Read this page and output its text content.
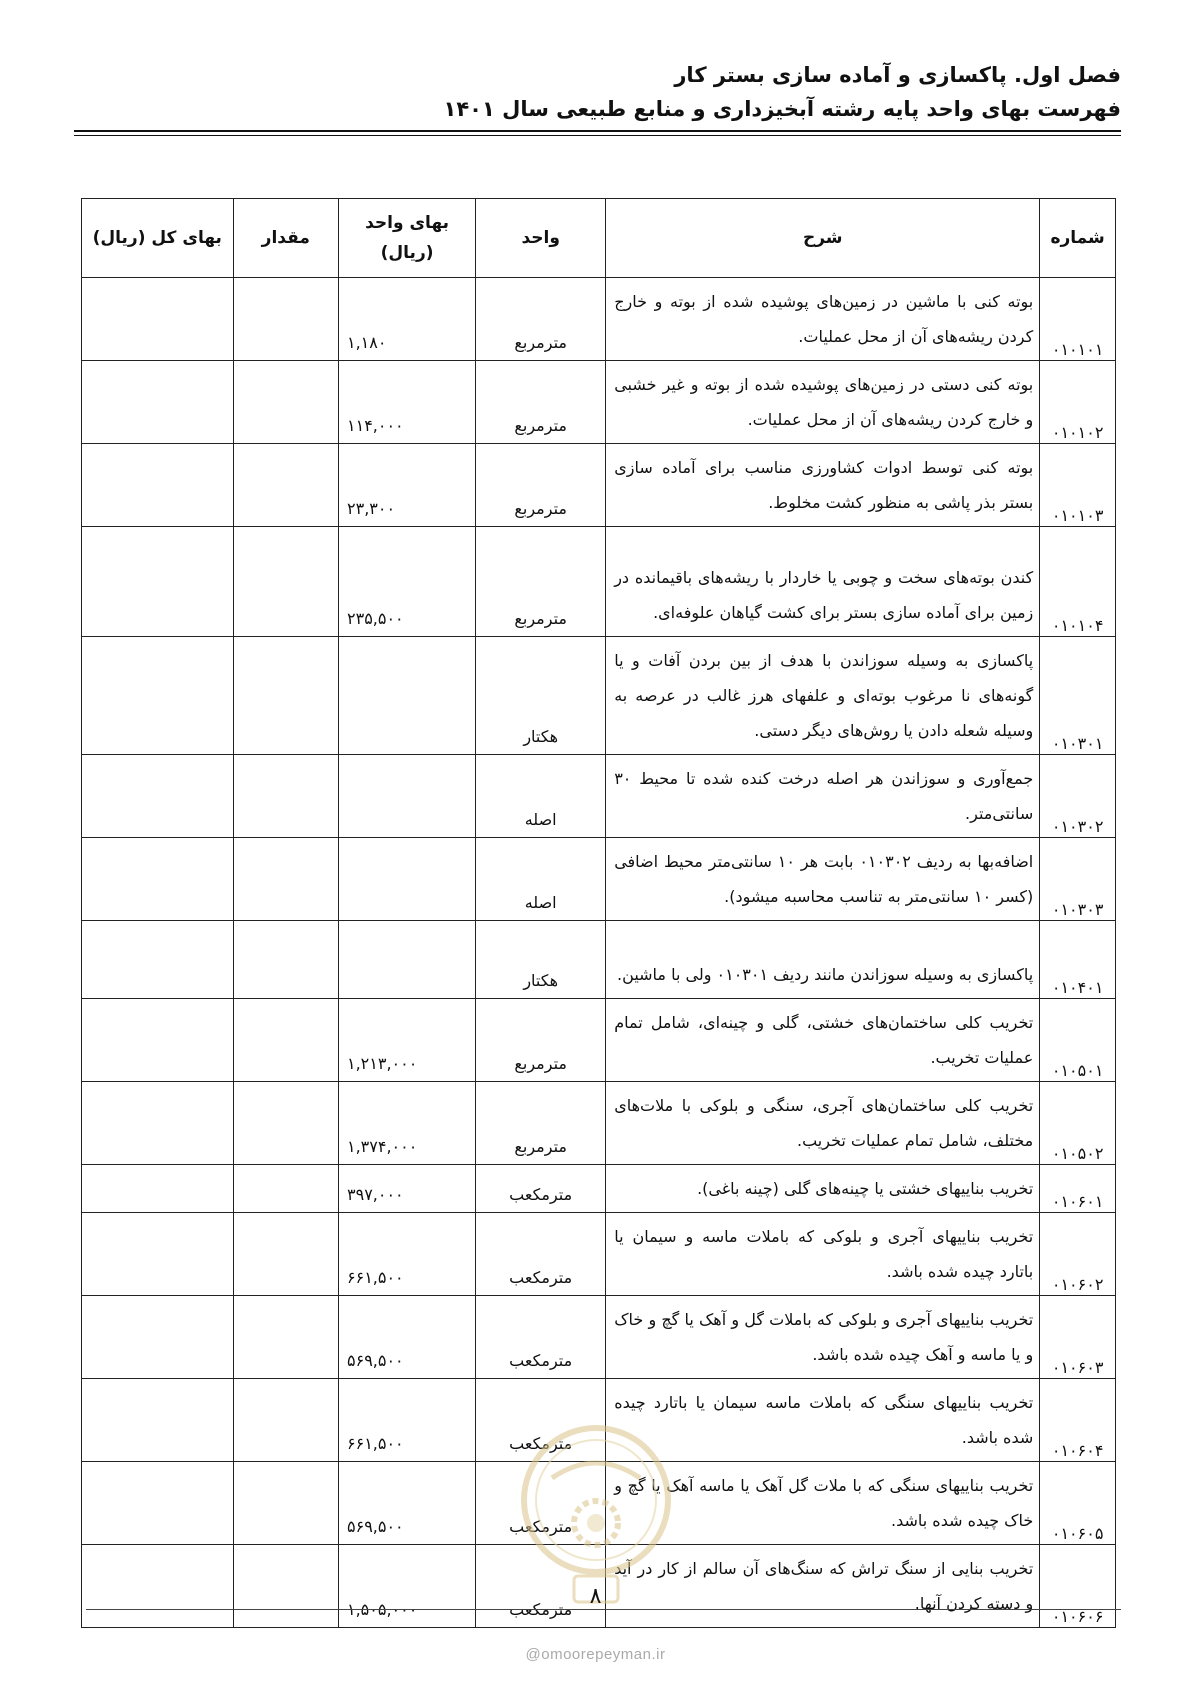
فصل اول. پاکسازی و آماده سازی بستر کار
فهرست بهای واحد پایه رشته آبخیزداری و منابع طبیعی سال ۱۴۰۱
شماره	شرح	واحد	بهای واحد
(ریال)	مقدار	بهای کل (ریال)
۰۱۰۱۰۱	بوته کنی با ماشین در زمین‌های پوشیده شده از بوته و خارج کردن ریشه‌های آن از محل عملیات.	مترمربع	۱,۱۸۰		
۰۱۰۱۰۲	بوته کنی دستی در زمین‌های پوشیده شده از بوته و غیر خشبی و خارج کردن ریشه‌های آن از محل عملیات.	مترمربع	۱۱۴,۰۰۰		
۰۱۰۱۰۳	بوته کنی توسط ادوات کشاورزی مناسب برای آماده سازی بستر بذر پاشی به منظور کشت مخلوط.	مترمربع	۲۳,۳۰۰		
۰۱۰۱۰۴	کندن بوته‌های سخت و چوبی یا خاردار با ریشه‌های باقیمانده در زمین برای آماده سازی بستر برای کشت گیاهان علوفه‌ای.	مترمربع	۲۳۵,۵۰۰		
۰۱۰۳۰۱	پاکسازی به وسیله سوزاندن با هدف از بین بردن آفات و یا گونه‌های نا مرغوب بوته‌ای و علفهای هرز غالب در عرصه به وسیله شعله دادن یا روش‌های دیگر دستی.	هکتار			
۰۱۰۳۰۲	جمع‌آوری و سوزاندن هر اصله درخت کنده شده تا محیط ۳۰ سانتی‌متر.	اصله			
۰۱۰۳۰۳	اضافه‌بها به ردیف ۰۱۰۳۰۲ بابت هر ۱۰ سانتی‌متر محیط اضافی (کسر ۱۰ سانتی‌متر به تناسب محاسبه میشود).	اصله			
۰۱۰۴۰۱	پاکسازی به وسیله سوزاندن مانند ردیف ۰۱۰۳۰۱ ولی با ماشین.	هکتار			
۰۱۰۵۰۱	تخریب کلی ساختمان‌های خشتی، گلی و چینه‌ای، شامل تمام عملیات تخریب.	مترمربع	۱,۲۱۳,۰۰۰		
۰۱۰۵۰۲	تخریب کلی ساختمان‌های آجری، سنگی و بلوکی با ملات‌های مختلف، شامل تمام عملیات تخریب.	مترمربع	۱,۳۷۴,۰۰۰		
۰۱۰۶۰۱	تخریب بناییهای خشتی یا چینه‌های گلی (چینه باغی).	مترمکعب	۳۹۷,۰۰۰		
۰۱۰۶۰۲	تخریب بناییهای آجری و بلوکی که باملات ماسه و سیمان یا باتارد چیده شده باشد.	مترمکعب	۶۶۱,۵۰۰		
۰۱۰۶۰۳	تخریب بناییهای آجری و بلوکی که باملات گل و آهک یا گچ و خاک و یا ماسه و آهک چیده شده باشد.	مترمکعب	۵۶۹,۵۰۰		
۰۱۰۶۰۴	تخریب بناییهای سنگی که باملات ماسه سیمان یا باتارد چیده شده باشد.	مترمکعب	۶۶۱,۵۰۰		
۰۱۰۶۰۵	تخریب بناییهای سنگی که با ملات گل آهک یا ماسه آهک یا گچ و خاک چیده شده باشد.	مترمکعب	۵۶۹,۵۰۰		
۰۱۰۶۰۶	تخریب بنایی از سنگ تراش که سنگ‌های آن سالم از کار در آید و دسته کردن آنها.	مترمکعب	۱,۵۰۵,۰۰۰		
۸
@omoorepeyman.ir
